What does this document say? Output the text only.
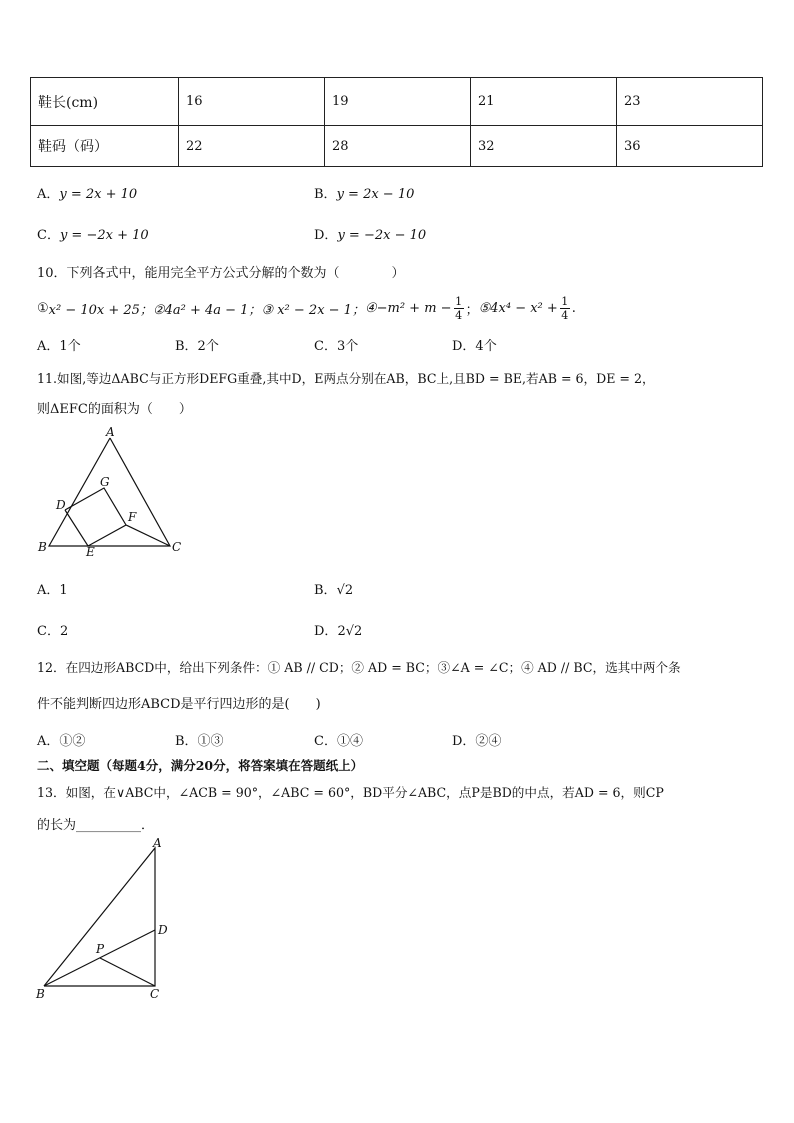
鞋长(cm)	16	19	21	23
鞋码（码）	22	28	32	36
A．y = 2x + 10	B．y = 2x − 10
C．y = −2x + 10	D．y = −2x − 10
10．下列各式中，能用完全平方公式分解的个数为（　　　　）
① x² − 10x + 25； ②4a² + 4a − 1； ③ x² − 2x − 1； ④−m² + m − 1
4 ； ⑤4x⁴ − x² + 1
4 .
A．1个	B．2个	C．3个	D．4个
11.如图,等边ΔABC与正方形DEFG重叠,其中D，E两点分别在AB，BC上,且BD = BE,若AB = 6，DE = 2，
则ΔEFC的面积为（　　）
A
B	C
D
E
F
G
A．1	B．√2
C．2	D．2√2
12．在四边形ABCD中，给出下列条件：① AB // CD；② AD = BC；③∠A = ∠C；④ AD // BC，选其中两个条
件不能判断四边形ABCD是平行四边形的是(　　)
A．①②	B．①③	C．①④	D．②④
二、填空题（每题4分，满分20分，将答案填在答题纸上）
13．如图，在∨ABC中，∠ACB = 90°，∠ABC = 60°，BD平分∠ABC，点P是BD的中点，若AD = 6，则CP
的长为__________．
A
B	C
D
P
